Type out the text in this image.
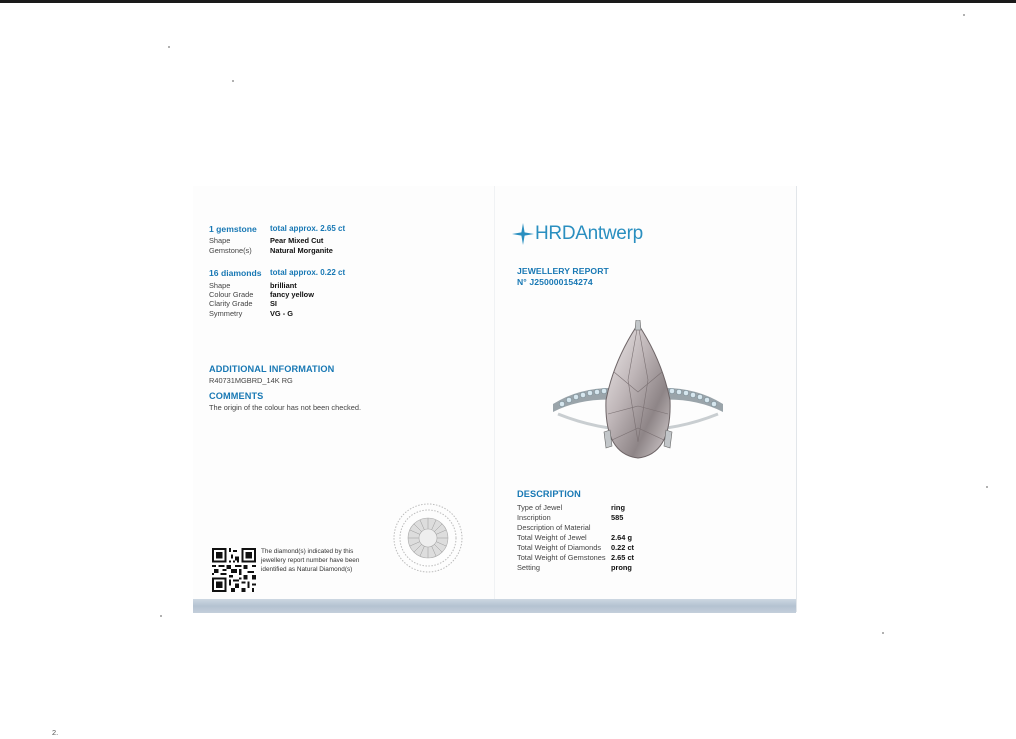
1 gemstone total approx. 2.65 ct
Shape	Pear Mixed Cut
Gemstone(s) Natural Morganite
16 diamonds total approx. 0.22 ct
Shape	brilliant
Colour Grade fancy yellow
Clarity Grade SI
Symmetry	VG - G
ADDITIONAL INFORMATION
R40731MGBRD_14K RG
COMMENTS
The origin of the colour has not been checked.
The diamond(s) indicated by this
jewellery report number have been
identified as Natural Diamond(s)
HRDAntwerp
JEWELLERY REPORT
N° J250000154274
DESCRIPTION
Type of Jewel	ring
Inscription	585
Description of Material
Total Weight of Jewel	2.64 g
Total Weight of Diamonds 0.22 ct
Total Weight of Gemstones 2.65 ct
Setting	prong
2.
